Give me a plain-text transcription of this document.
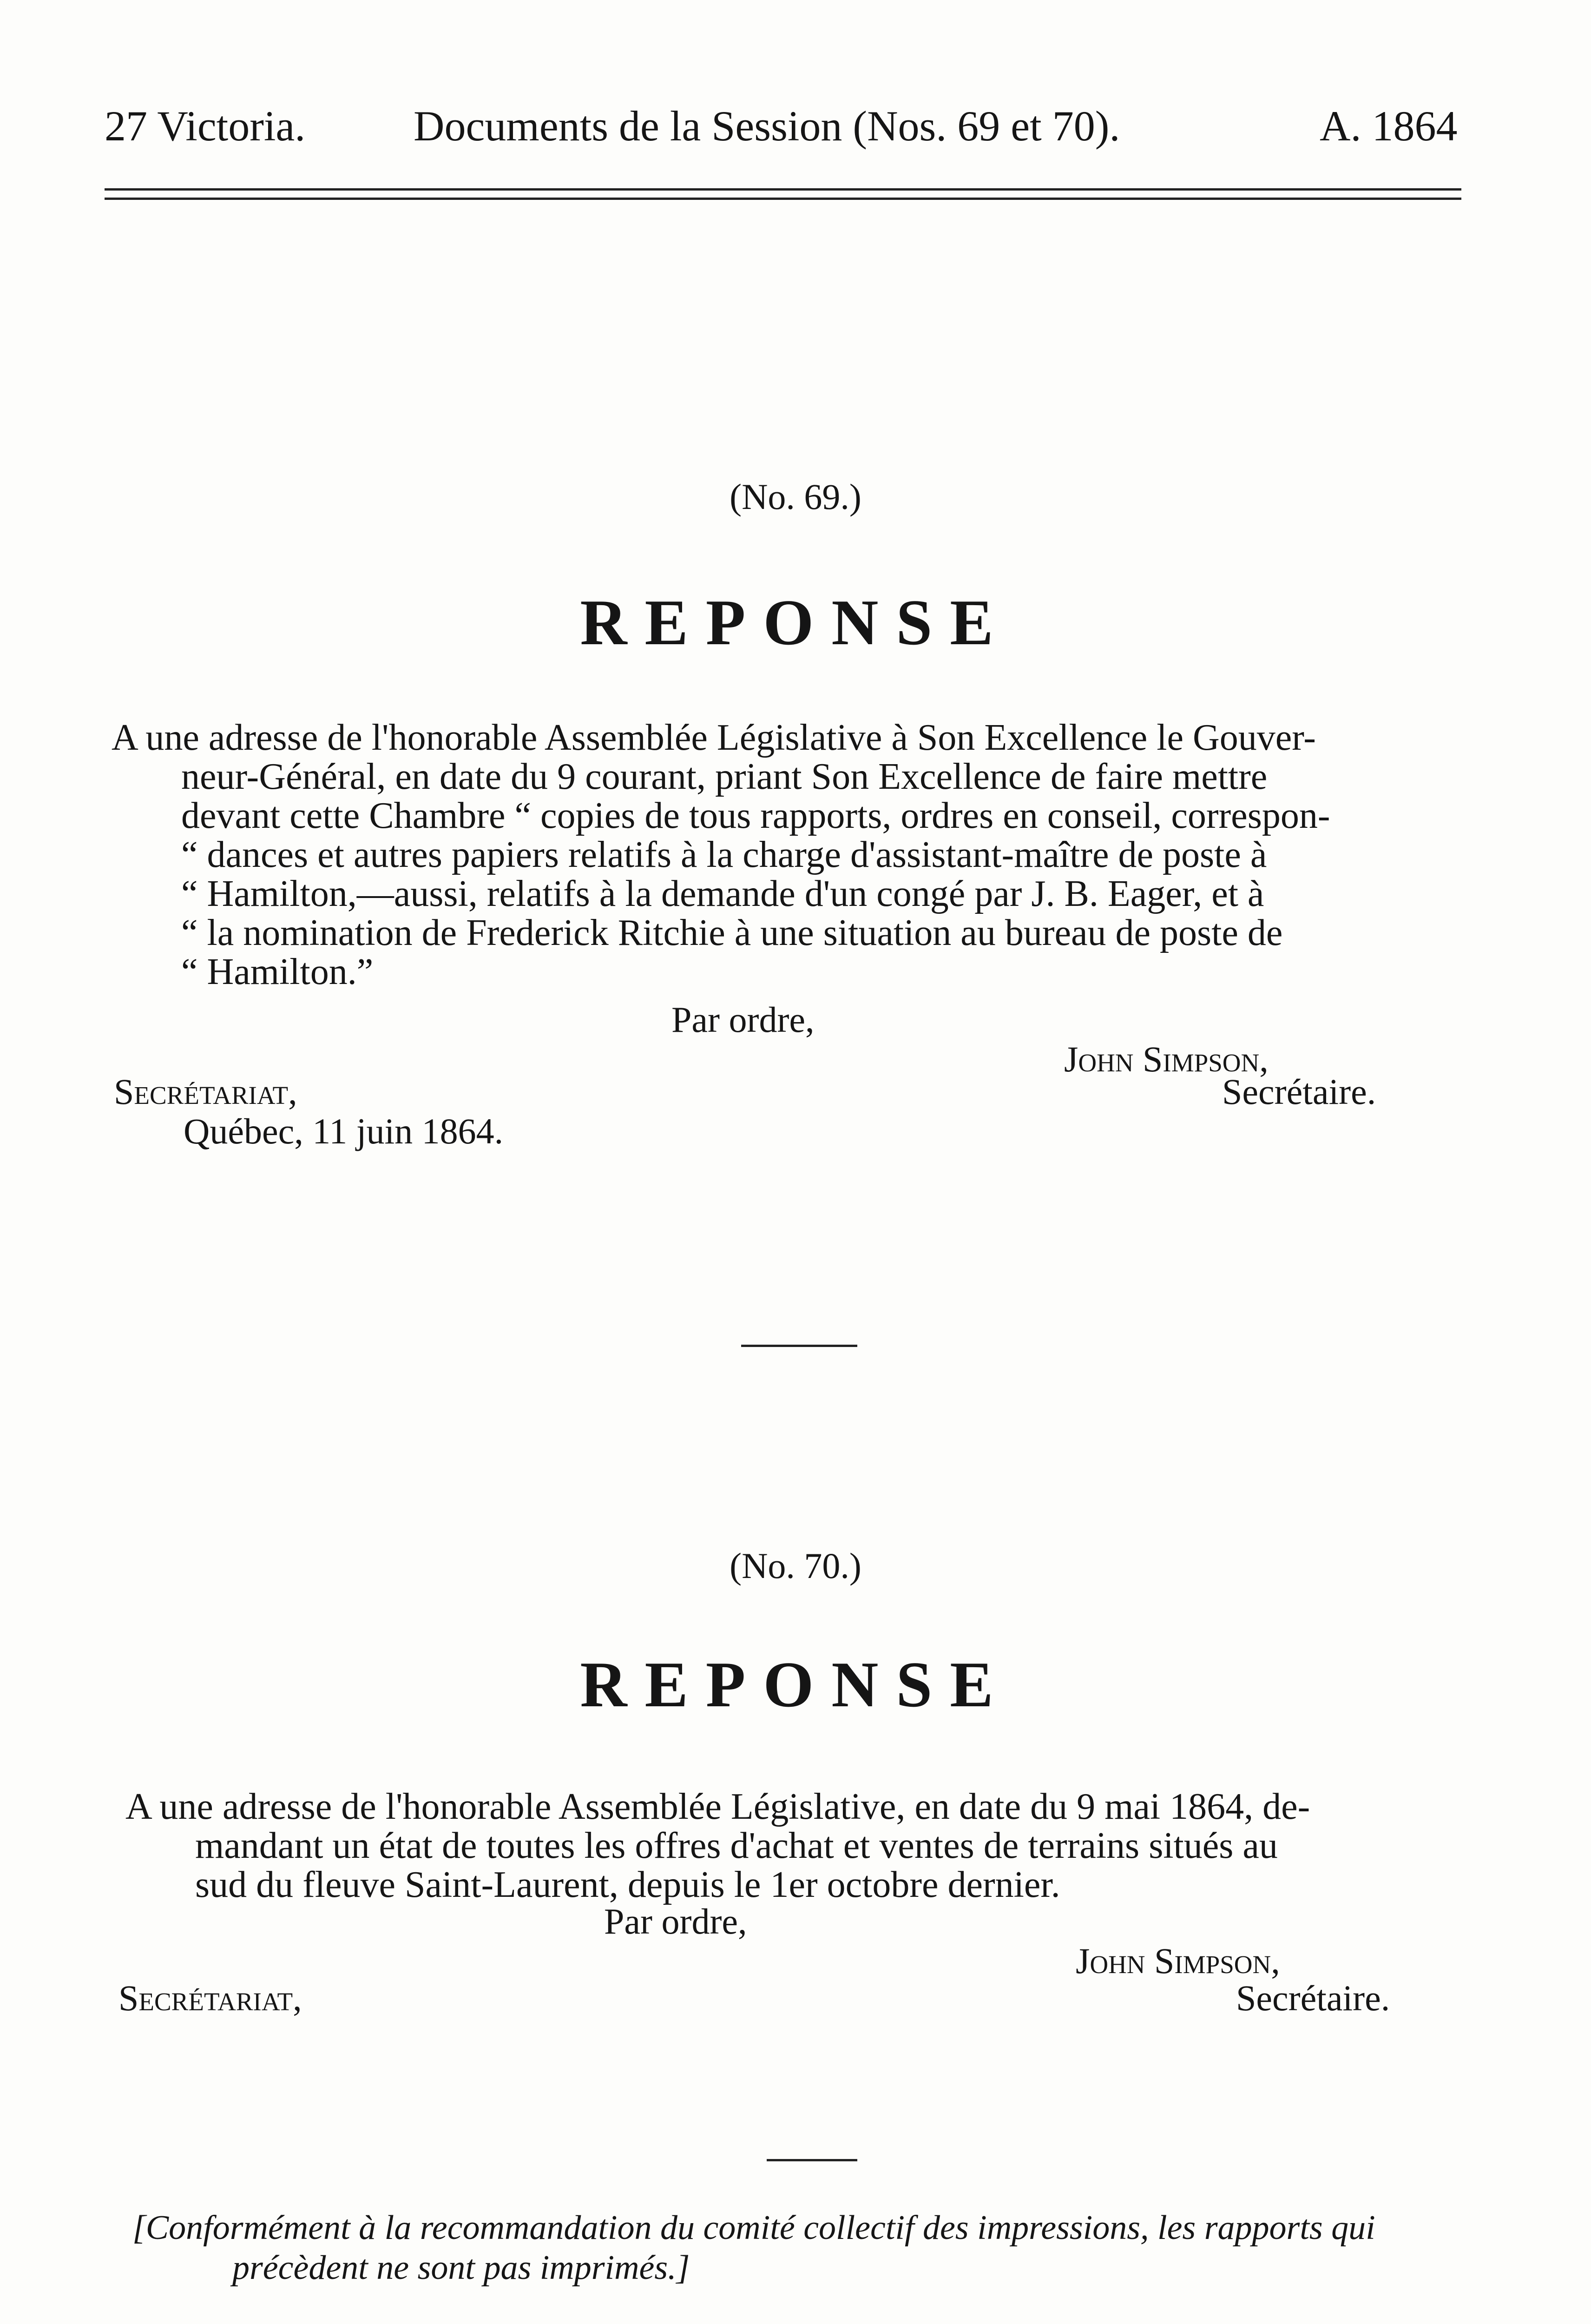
27 Victoria.	Documents de la Session (Nos. 69 et 70).	A. 1864
(No. 69.)
REPONSE
A une adresse de l'honorable Assemblée Législative à Son Excellence le Gouver-
neur-Général, en date du 9 courant, priant Son Excellence de faire mettre
devant cette Chambre “ copies de tous rapports, ordres en conseil, correspon-
“ dances et autres papiers relatifs à la charge d'assistant-maître de poste à
“ Hamilton,—aussi, relatifs à la demande d'un congé par J. B. Eager, et à
“ la nomination de Frederick Ritchie à une situation au bureau de poste de
“ Hamilton.”
Par ordre,
John Simpson,
Secrétariat,	Secrétaire.
Québec, 11 juin 1864.
(No. 70.)
REPONSE
A une adresse de l'honorable Assemblée Législative, en date du 9 mai 1864, de-
mandant un état de toutes les offres d'achat et ventes de terrains situés au
sud du fleuve Saint-Laurent, depuis le 1er octobre dernier.
Par ordre,
John Simpson,
Secrétariat,	Secrétaire.
[Conformément à la recommandation du comité collectif des impressions, les rapports qui
précèdent ne sont pas imprimés.]
